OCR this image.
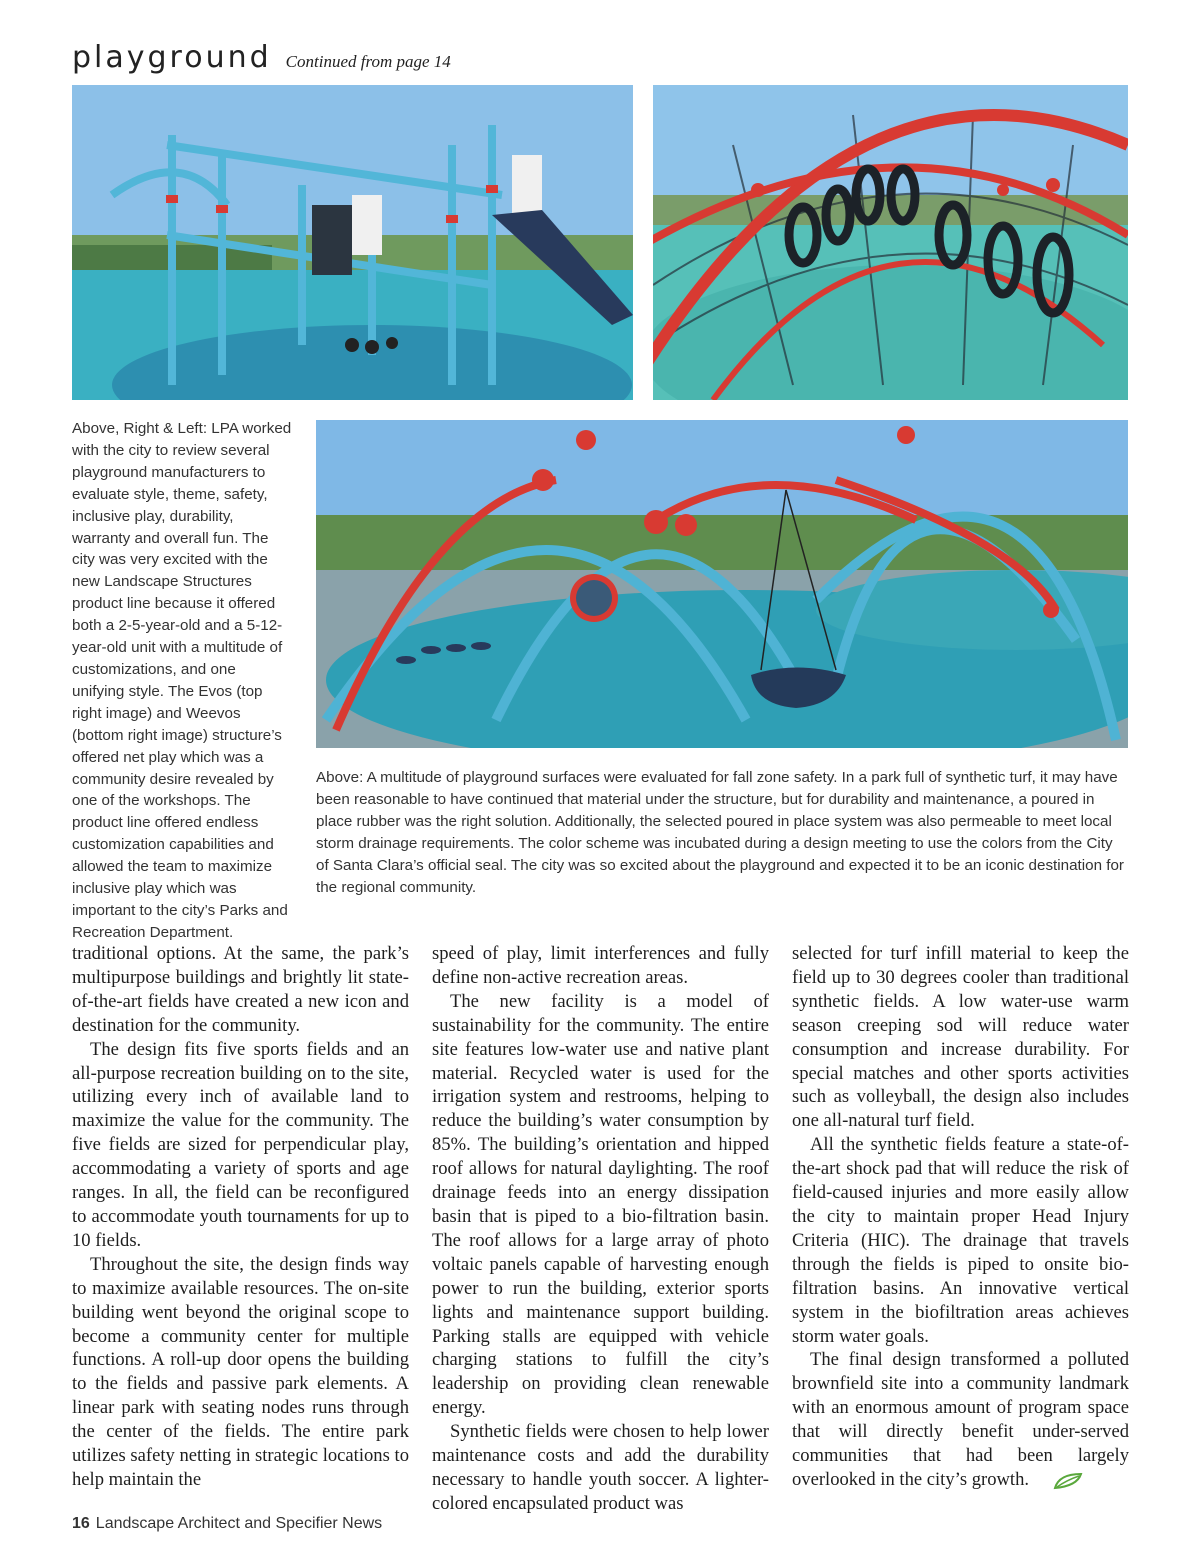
playground Continued from page 14
Above, Right & Left: LPA worked with the city to review several playground manufacturers to evaluate style, theme, safety, inclusive play, durability, warranty and overall fun. The city was very excited with the new Landscape Structures product line because it offered both a 2-5-year-old and a 5-12-year-old unit with a multitude of customizations, and one unifying style. The Evos (top right image) and Weevos (bottom right image) structure’s offered net play which was a community desire revealed by one of the workshops. The product line offered endless customization capabilities and allowed the team to maximize inclusive play which was important to the city’s Parks and Recreation Department.
Above: A multitude of playground surfaces were evaluated for fall zone safety. In a park full of synthetic turf, it may have been reasonable to have continued that material under the structure, but for durability and maintenance, a poured in place rubber was the right solution. Additionally, the selected poured in place system was also permeable to meet local storm drainage requirements. The color scheme was incubated during a design meeting to use the colors from the City of Santa Clara’s official seal. The city was so excited about the playground and expected it to be an iconic destination for the regional community.

traditional options. At the same, the park’s multipurpose buildings and brightly lit state-of-the-art fields have created a new icon and destination for the community.

The design fits five sports fields and an all-purpose recreation building on to the site, utilizing every inch of available land to maximize the value for the community. The five fields are sized for perpendicular play, accommodating a variety of sports and age ranges. In all, the field can be reconfigured to accommodate youth tournaments for up to 10 fields.

Throughout the site, the design finds way to maximize available resources. The on-site building went beyond the original scope to become a community center for multiple functions. A roll-up door opens the building to the fields and passive park elements. A linear park with seating nodes runs through the center of the fields. The entire park utilizes safety netting in strategic locations to help maintain the

speed of play, limit interferences and fully define non-active recreation areas.

The new facility is a model of sustainability for the community. The entire site features low-water use and native plant material. Recycled water is used for the irrigation system and restrooms, helping to reduce the building’s water consumption by 85%. The building’s orientation and hipped roof allows for natural daylighting. The roof drainage feeds into an energy dissipation basin that is piped to a bio-filtration basin. The roof allows for a large array of photo voltaic panels capable of harvesting enough power to run the building, exterior sports lights and maintenance support building. Parking stalls are equipped with vehicle charging stations to fulfill the city’s leadership on providing clean renewable energy.

Synthetic fields were chosen to help lower maintenance costs and add the durability necessary to handle youth soccer. A lighter-colored encapsulated product was

selected for turf infill material to keep the field up to 30 degrees cooler than traditional synthetic fields. A low water-use warm season creeping sod will reduce water consumption and increase durability. For special matches and other sports activities such as volleyball, the design also includes one all-natural turf field.

All the synthetic fields feature a state-of-the-art shock pad that will reduce the risk of field-caused injuries and more easily allow the city to maintain proper Head Injury Criteria (HIC). The drainage that travels through the fields is piped to onsite bio-filtration basins. An innovative vertical system in the biofiltration areas achieves storm water goals.

The final design transformed a polluted brownfield site into a community landmark with an enormous amount of program space that will directly benefit under-served communities that had been largely overlooked in the city’s growth.

16 Landscape Architect and Specifier News
